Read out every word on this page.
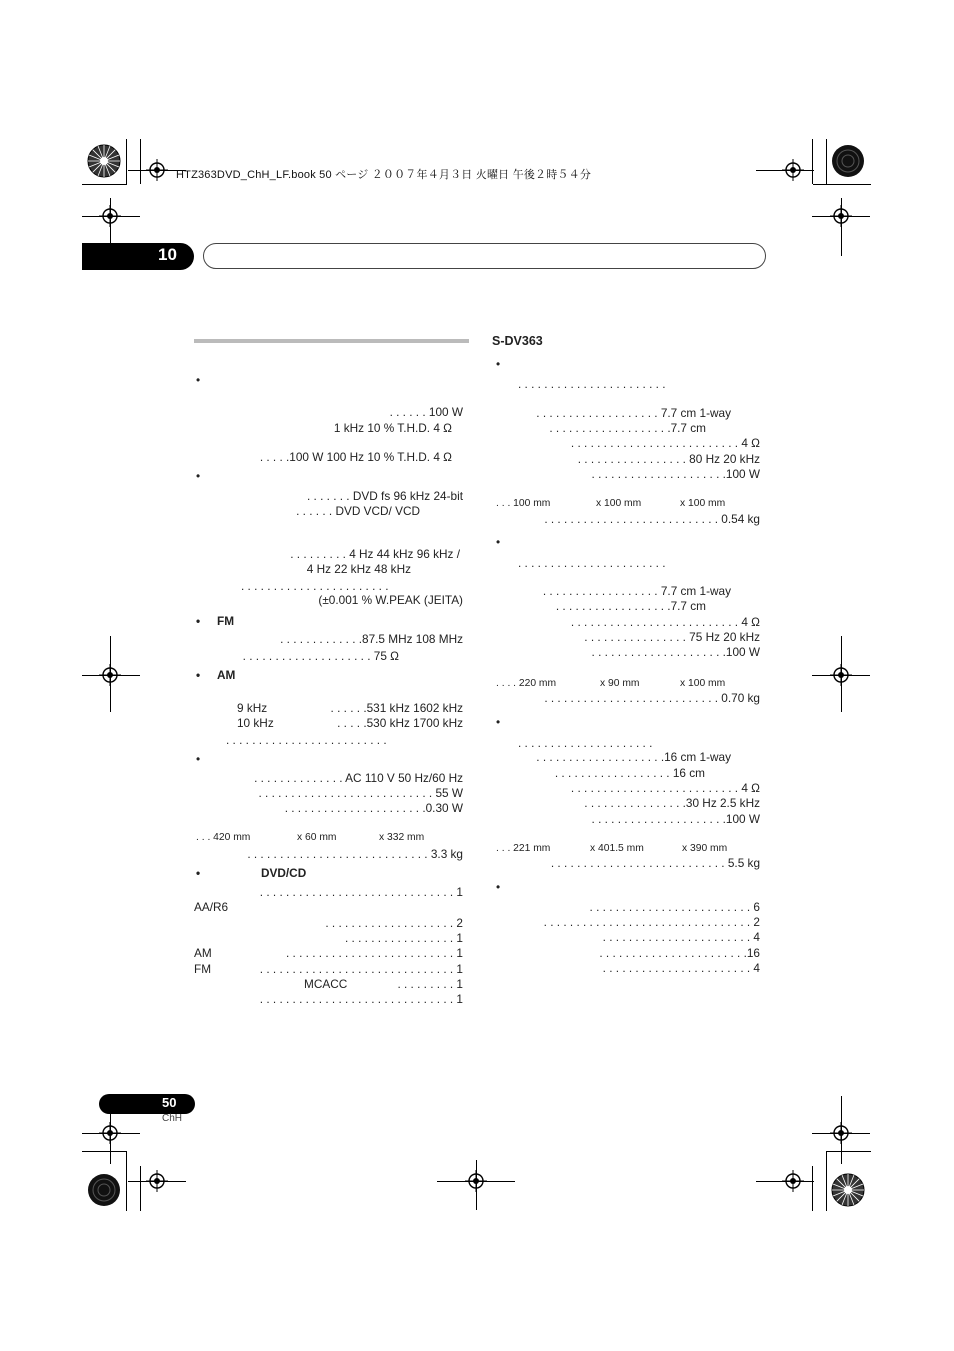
HTZ363DVD_ChH_LF.book 50 ページ ２００７年４月３日 火曜日 午後２時５４分
10
•
. . . . . . 100 W
1 kHz 10 % T.H.D. 4 Ω
. . . . .100 W 100 Hz 10 % T.H.D. 4 Ω
•
. . . . . . . DVD fs 96 kHz 24-bit
. . . . . . DVD VCD/ VCD
. . . . . . . . . 4 Hz 44 kHz 96 kHz /
4 Hz 22 kHz 48 kHz
. . . . . . . . . . . . . . . . . . . . . . .
(±0.001 % W.PEAK (JEITA)
• FM
. . . . . . . . . . . . .87.5 MHz 108 MHz
. . . . . . . . . . . . . . . . . . . . 75 Ω
• AM
9 kHz	. . . . . .531 kHz 1602 kHz
10 kHz	. . . . .530 kHz 1700 kHz
. . . . . . . . . . . . . . . . . . . . . . . . .
•
. . . . . . . . . . . . . . AC 110 V 50 Hz/60 Hz
. . . . . . . . . . . . . . . . . . . . . . . . . . . 55 W
. . . . . . . . . . . . . . . . . . . . . .0.30 W
. . . 420 mm	x 60 mm	x 332 mm
. . . . . . . . . . . . . . . . . . . . . . . . . . . . 3.3 kg
•	DVD/CD
. . . . . . . . . . . . . . . . . . . . . . . . . . . . . . 1
AA/R6
. . . . . . . . . . . . . . . . . . . . 2
. . . . . . . . . . . . . . . . . 1
AM	. . . . . . . . . . . . . . . . . . . . . . . . . . 1
FM	. . . . . . . . . . . . . . . . . . . . . . . . . . . . . . 1
MCACC	. . . . . . . . . 1
. . . . . . . . . . . . . . . . . . . . . . . . . . . . . . 1
S-DV363
•
. . . . . . . . . . . . . . . . . . . . . . .
. . . . . . . . . . . . . . . . . . . 7.7 cm 1-way
. . . . . . . . . . . . . . . . . . .7.7 cm
. . . . . . . . . . . . . . . . . . . . . . . . . . 4 Ω
. . . . . . . . . . . . . . . . . 80 Hz 20 kHz
. . . . . . . . . . . . . . . . . . . . .100 W
. . . 100 mm	x 100 mm	x 100 mm
. . . . . . . . . . . . . . . . . . . . . . . . . . . 0.54 kg
•
. . . . . . . . . . . . . . . . . . . . . . .
. . . . . . . . . . . . . . . . . . 7.7 cm 1-way
. . . . . . . . . . . . . . . . . .7.7 cm
. . . . . . . . . . . . . . . . . . . . . . . . . . 4 Ω
. . . . . . . . . . . . . . . . 75 Hz 20 kHz
. . . . . . . . . . . . . . . . . . . . .100 W
. . . . 220 mm	x 90 mm	x 100 mm
. . . . . . . . . . . . . . . . . . . . . . . . . . . 0.70 kg
•
. . . . . . . . . . . . . . . . . . . . .
. . . . . . . . . . . . . . . . . . . .16 cm 1-way
. . . . . . . . . . . . . . . . . . 16 cm
. . . . . . . . . . . . . . . . . . . . . . . . . . 4 Ω
. . . . . . . . . . . . . . . .30 Hz 2.5 kHz
. . . . . . . . . . . . . . . . . . . . .100 W
. . . 221 mm	x 401.5 mm	x 390 mm
. . . . . . . . . . . . . . . . . . . . . . . . . . . 5.5 kg
•
. . . . . . . . . . . . . . . . . . . . . . . . . 6
. . . . . . . . . . . . . . . . . . . . . . . . . . . . . . . . 2
. . . . . . . . . . . . . . . . . . . . . . . 4
. . . . . . . . . . . . . . . . . . . . . . .16
. . . . . . . . . . . . . . . . . . . . . . . 4
50
ChH
